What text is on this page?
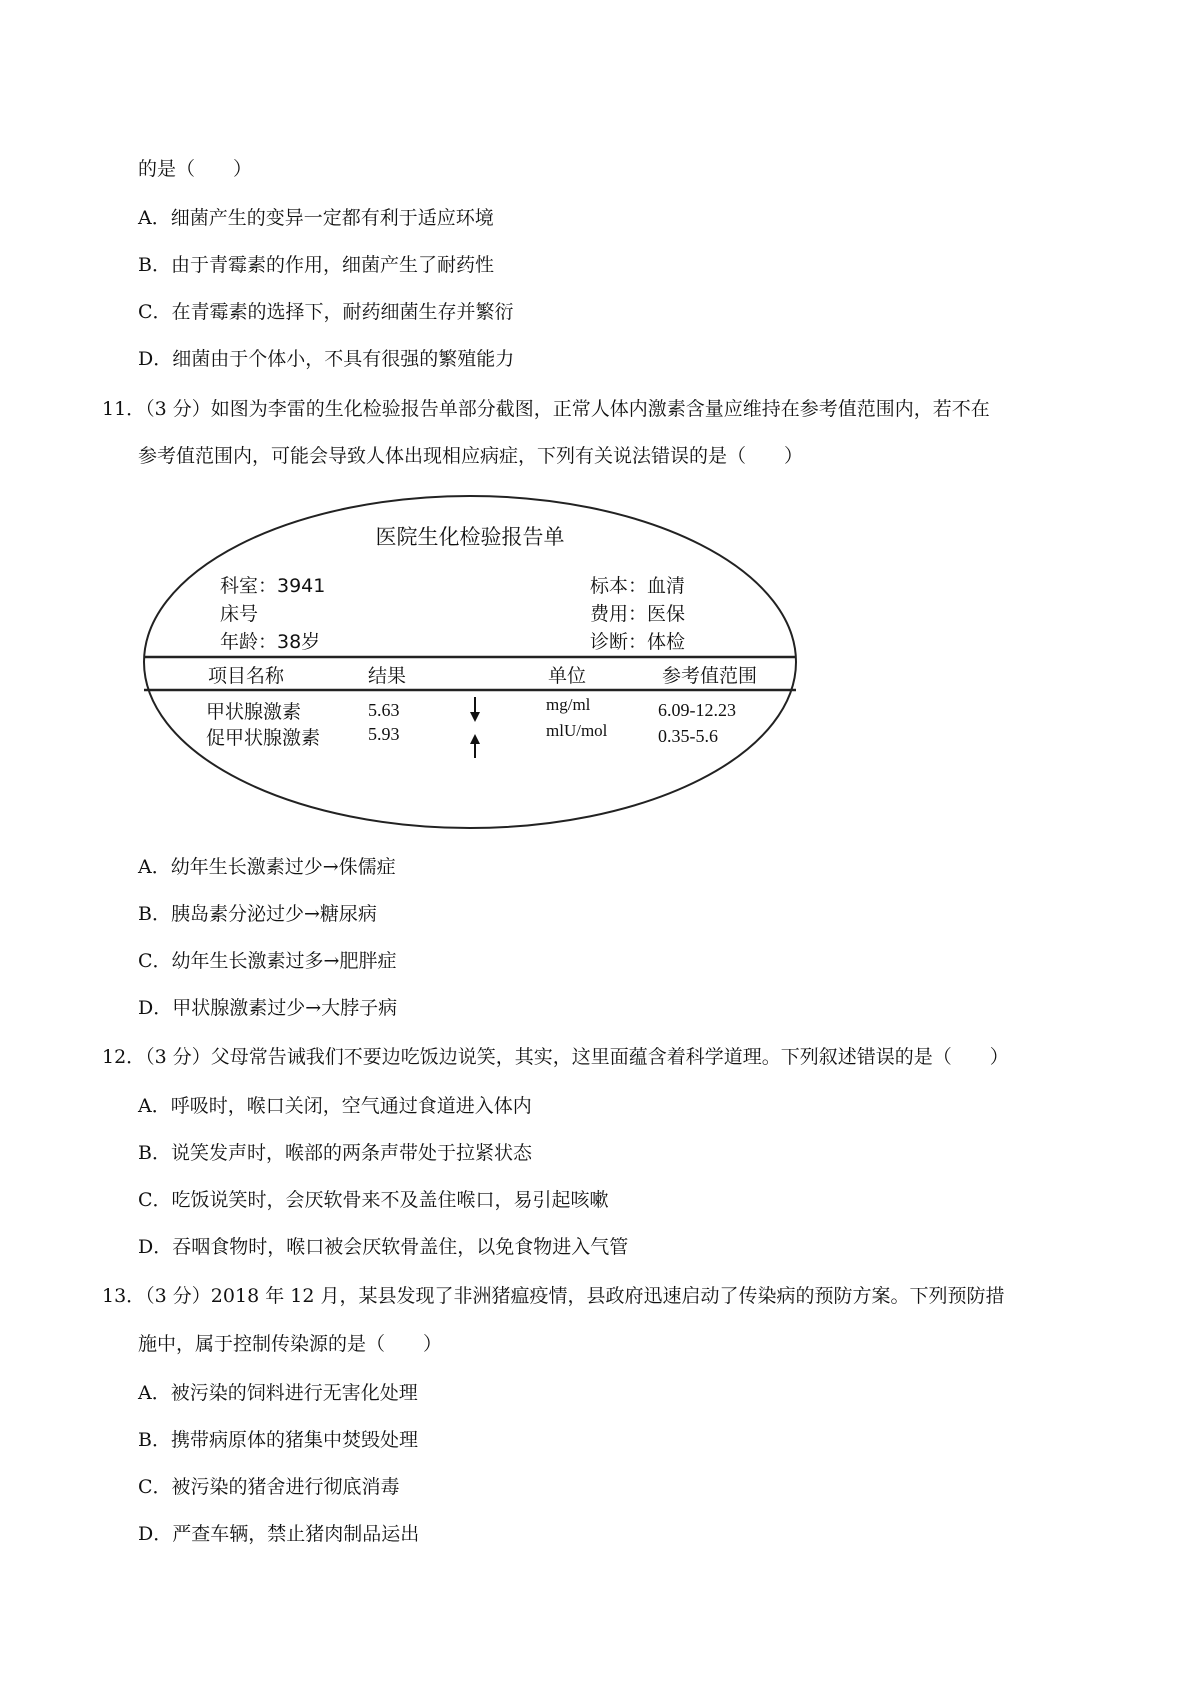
的是（　　）
A．细菌产生的变异一定都有利于适应环境
B．由于青霉素的作用，细菌产生了耐药性
C．在青霉素的选择下，耐药细菌生存并繁衍
D．细菌由于个体小，不具有很强的繁殖能力
11．（3 分）如图为李雷的生化检验报告单部分截图，正常人体内激素含量应维持在参考值范围内，若不在
参考值范围内，可能会导致人体出现相应病症，下列有关说法错误的是（　　）
医院生化检验报告单
科室：3941
床号
年龄：38岁
标本：血清
费用：医保
诊断：体检
项目名称	结果	单位	参考值范围
甲状腺激素	5.63	mg/ml	6.09-12.23
促甲状腺激素	5.93	mlU/mol	0.35-5.6
A．幼年生长激素过少→侏儒症
B．胰岛素分泌过少→糖尿病
C．幼年生长激素过多→肥胖症
D．甲状腺激素过少→大脖子病
12．（3 分）父母常告诫我们不要边吃饭边说笑，其实，这里面蕴含着科学道理。下列叙述错误的是（　　）
A．呼吸时，喉口关闭，空气通过食道进入体内
B．说笑发声时，喉部的两条声带处于拉紧状态
C．吃饭说笑时，会厌软骨来不及盖住喉口，易引起咳嗽
D．吞咽食物时，喉口被会厌软骨盖住，以免食物进入气管
13．（3 分）2018 年 12 月，某县发现了非洲猪瘟疫情，县政府迅速启动了传染病的预防方案。下列预防措
施中，属于控制传染源的是（　　）
A．被污染的饲料进行无害化处理
B．携带病原体的猪集中焚毁处理
C．被污染的猪舍进行彻底消毒
D．严查车辆，禁止猪肉制品运出
